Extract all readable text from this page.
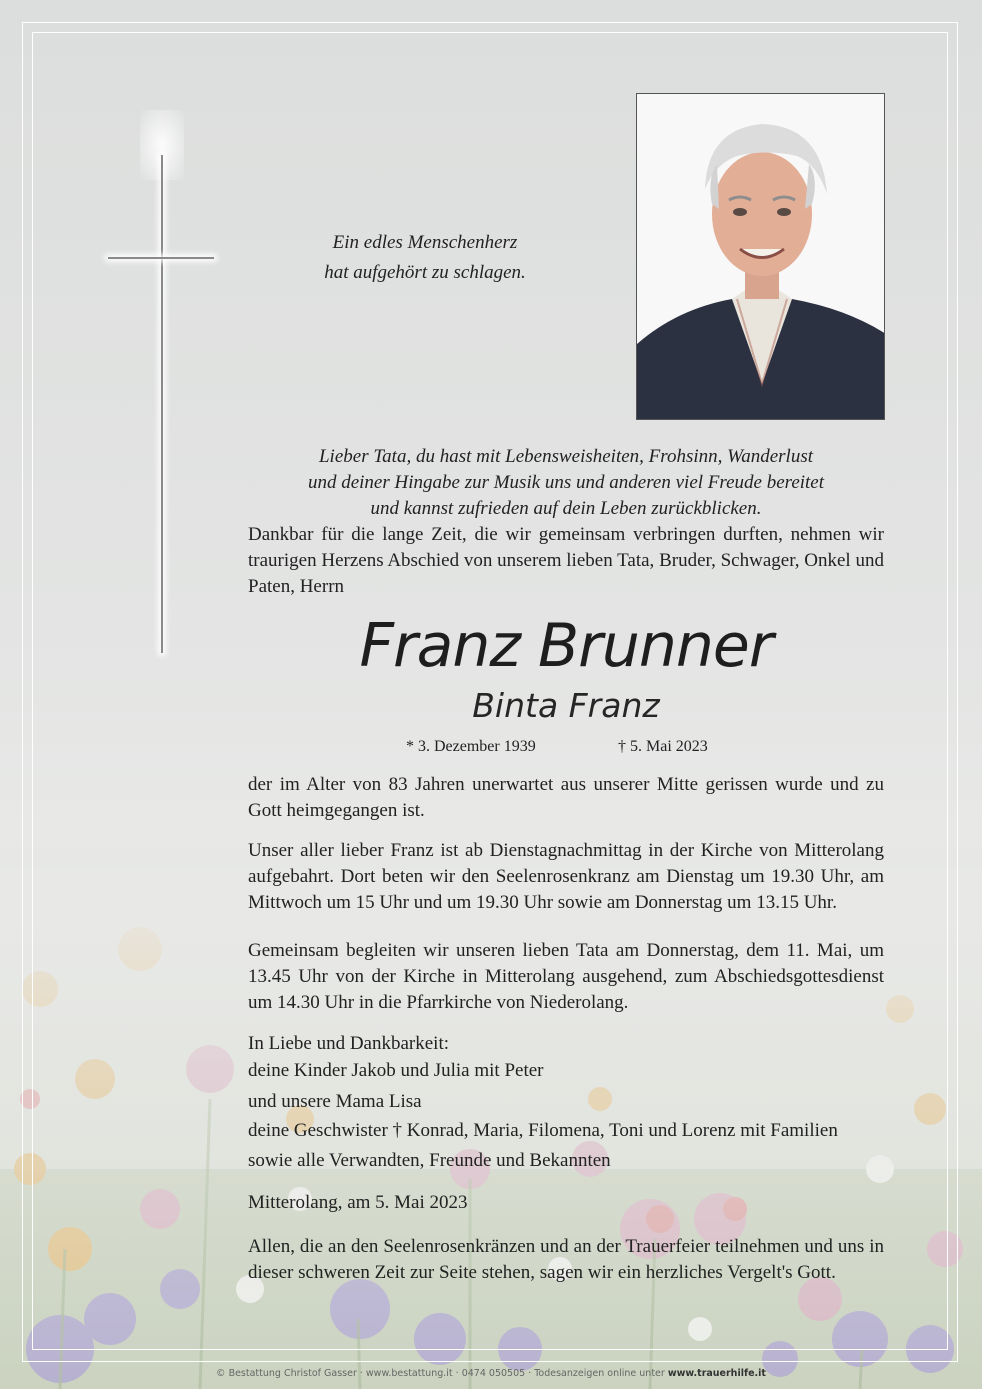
Ein edles Menschenherz
hat aufgehört zu schlagen.
Lieber Tata, du hast mit Lebensweisheiten, Frohsinn, Wanderlust
und deiner Hingabe zur Musik uns und anderen viel Freude bereitet
und kannst zufrieden auf dein Leben zurückblicken.
Dankbar für die lange Zeit, die wir gemeinsam verbringen durften, nehmen wir traurigen Herzens Abschied von unserem lieben Tata, Bruder, Schwager, Onkel und Paten, Herrn
Franz Brunner
Binta Franz
* 3. Dezember 1939	† 5. Mai 2023
der im Alter von 83 Jahren unerwartet aus unserer Mitte gerissen wurde und zu Gott heimgegangen ist.
Unser aller lieber Franz ist ab Dienstagnachmittag in der Kirche von Mitterolang aufgebahrt. Dort beten wir den Seelenrosenkranz am Dienstag um 19.30 Uhr, am Mittwoch um 15 Uhr und um 19.30 Uhr sowie am Donnerstag um 13.15 Uhr.
Gemeinsam begleiten wir unseren lieben Tata am Donnerstag, dem 11. Mai, um 13.45 Uhr von der Kirche in Mitterolang ausgehend, zum Abschiedsgottesdienst um 14.30 Uhr in die Pfarrkirche von Niederolang.
In Liebe und Dankbarkeit:
deine Kinder Jakob und Julia mit Peter
und unsere Mama Lisa
deine Geschwister † Konrad, Maria, Filomena, Toni und Lorenz mit Familien
sowie alle Verwandten, Freunde und Bekannten
Mitterolang, am 5. Mai 2023
Allen, die an den Seelenrosenkränzen und an der Trauerfeier teilnehmen und uns in dieser schweren Zeit zur Seite stehen, sagen wir ein herzliches Vergelt's Gott.
© Bestattung Christof Gasser · www.bestattung.it · 0474 050505 · Todesanzeigen online unter www.trauerhilfe.it
